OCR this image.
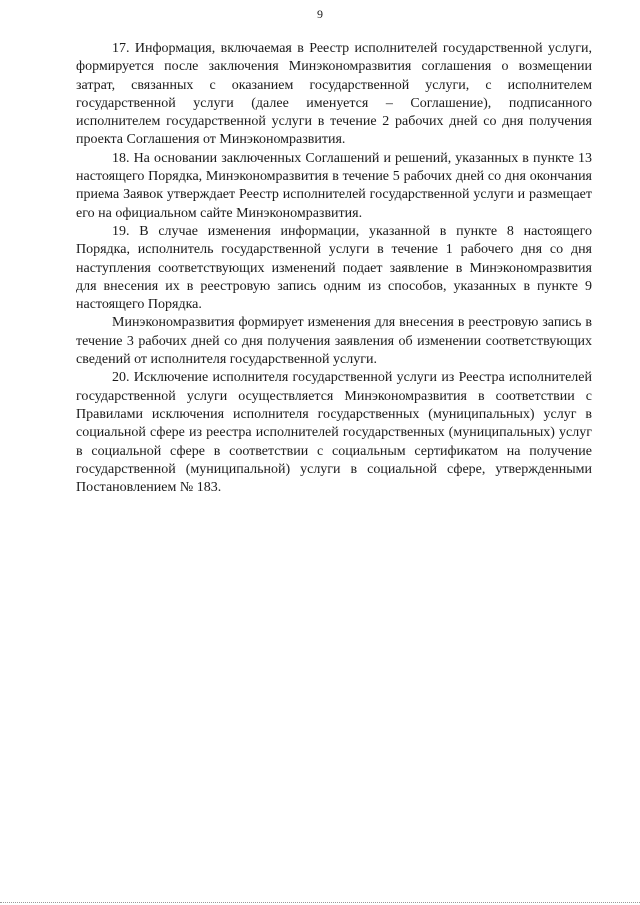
9

17. Информация, включаемая в Реестр исполнителей государственной услуги, формируется после заключения Минэкономразвития соглашения о возмещении затрат, связанных с оказанием государственной услуги, с исполнителем государственной услуги (далее именуется – Соглашение), подписанного исполнителем государственной услуги в течение 2 рабочих дней со дня получения проекта Соглашения от Минэкономразвития.

18. На основании заключенных Соглашений и решений, указанных в пункте 13 настоящего Порядка, Минэкономразвития в течение 5 рабочих дней со дня окончания приема Заявок утверждает Реестр исполнителей государственной услуги и размещает его на официальном сайте Минэкономразвития.

19. В случае изменения информации, указанной в пункте 8 настоящего Порядка, исполнитель государственной услуги в течение 1 рабочего дня со дня наступления соответствующих изменений подает заявление в Минэкономразвития для внесения их в реестровую запись одним из способов, указанных в пункте 9 настоящего Порядка.

Минэкономразвития формирует изменения для внесения в реестровую запись в течение 3 рабочих дней со дня получения заявления об изменении соответствующих сведений от исполнителя государственной услуги.

20. Исключение исполнителя государственной услуги из Реестра исполнителей государственной услуги осуществляется Минэкономразвития в соответствии с Правилами исключения исполнителя государственных (муниципальных) услуг в социальной сфере из реестра исполнителей государственных (муниципальных) услуг в социальной сфере в соответствии с социальным сертификатом на получение государственной (муниципальной) услуги в социальной сфере, утвержденными Постановлением № 183.
